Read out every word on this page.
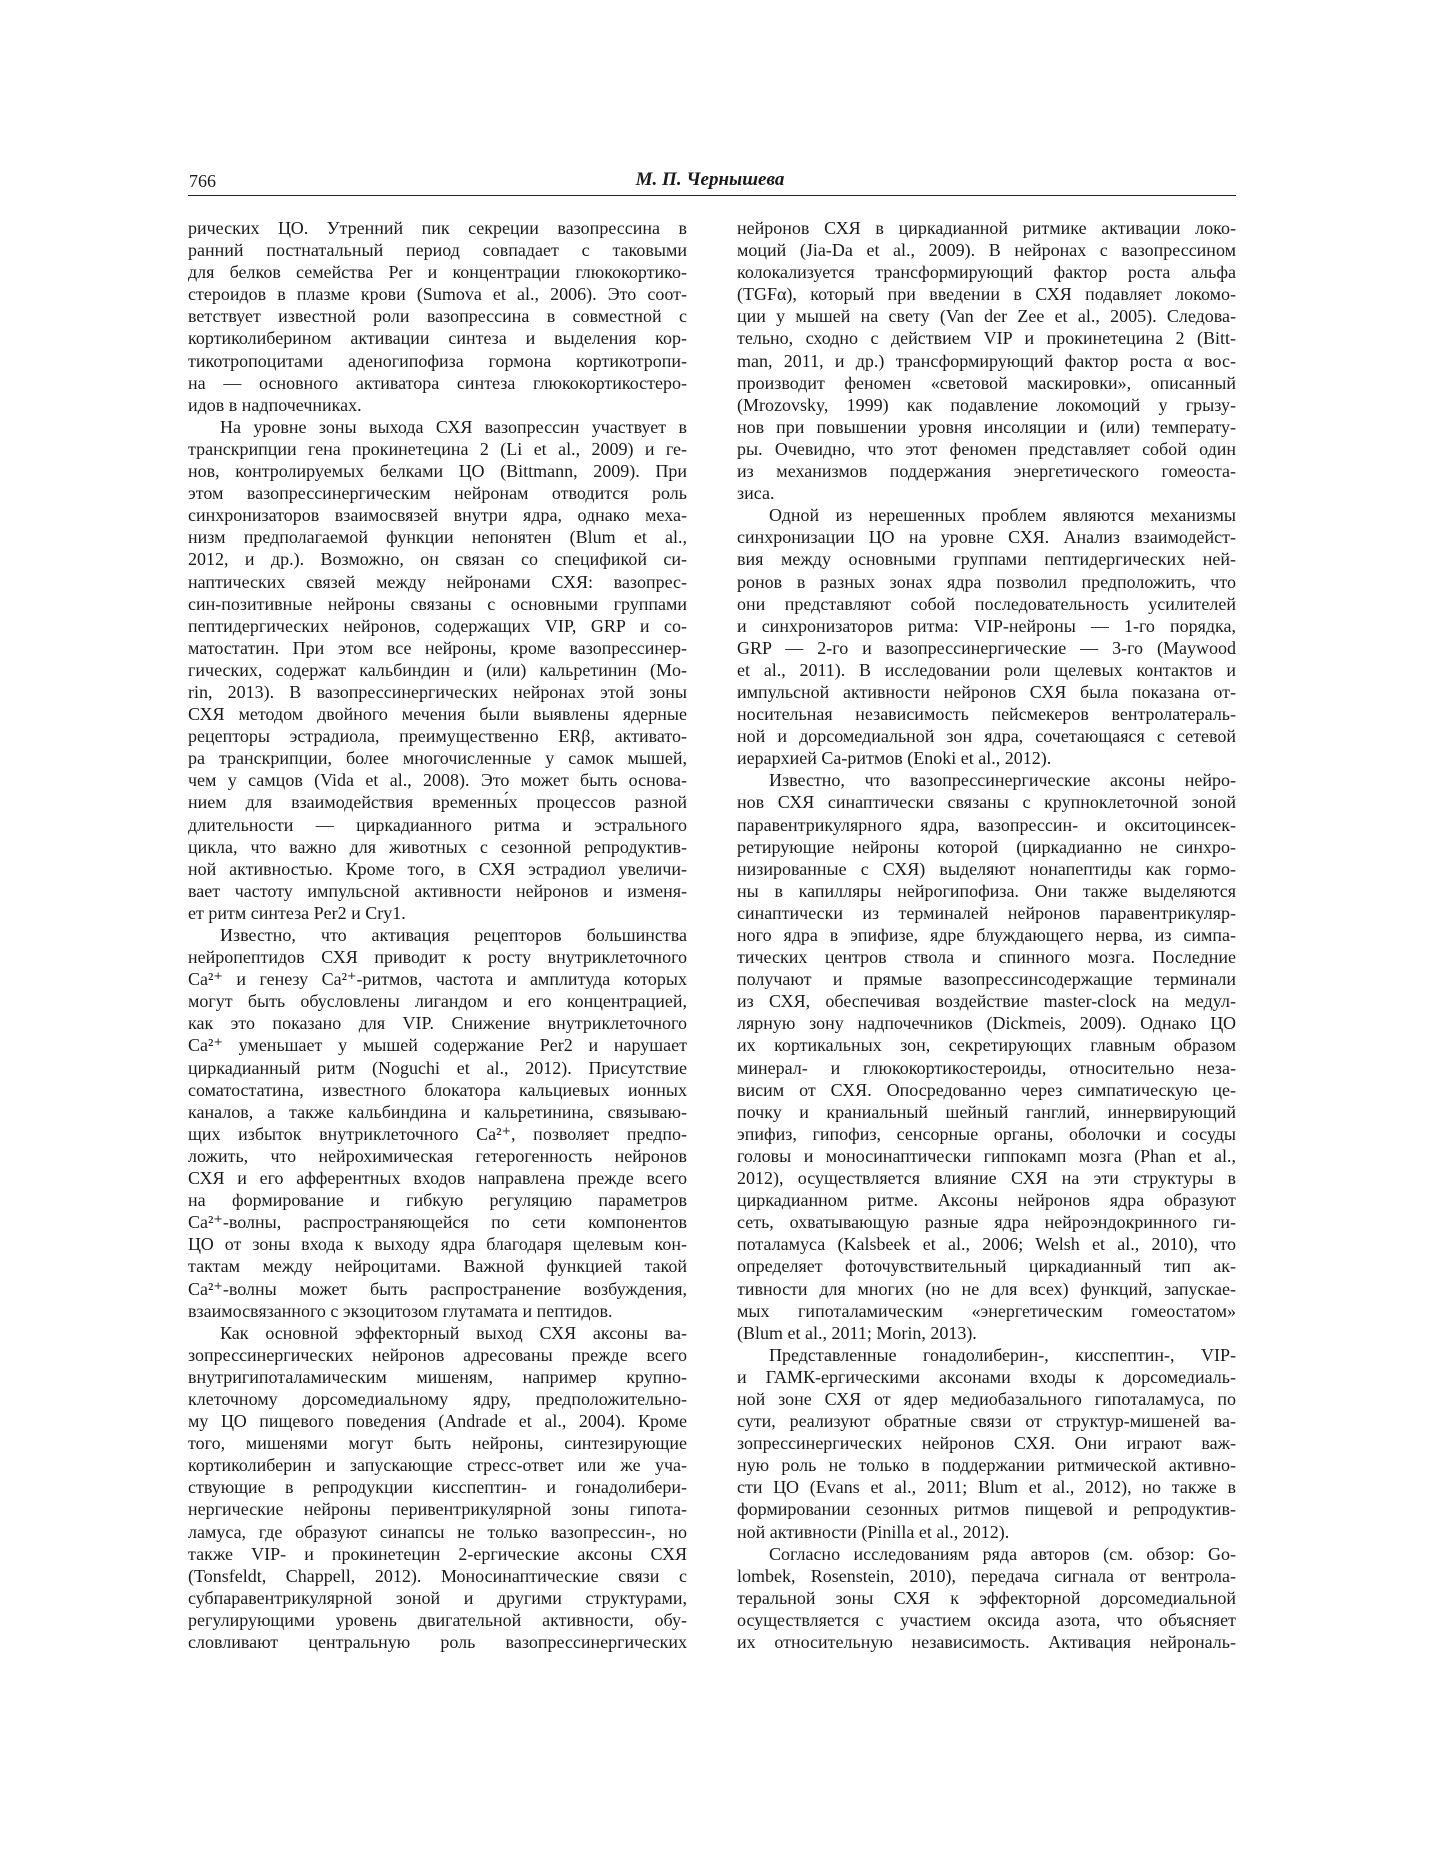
766	М. П. Чернышева
рических ЦО. Утренний пик секреции вазопрессина в
ранний постнатальный период совпадает с таковыми
для белков семейства Per и концентрации глюкокортико-
стероидов в плазме крови (Sumova et al., 2006). Это соот-
ветствует известной роли вазопрессина в совместной с
кортиколиберином активации синтеза и выделения кор-
тикотропоцитами аденогипофиза гормона кортикотропи-
на — основного активатора синтеза глюкокортикостеро-
идов в надпочечниках.
На уровне зоны выхода СХЯ вазопрессин участвует в
транскрипции гена прокинетецина 2 (Li et al., 2009) и ге-
нов, контролируемых белками ЦО (Bittmann, 2009). При
этом вазопрессинергическим нейронам отводится роль
синхронизаторов взаимосвязей внутри ядра, однако меха-
низм предполагаемой функции непонятен (Blum et al.,
2012, и др.). Возможно, он связан со спецификой си-
наптических связей между нейронами СХЯ: вазопрес-
син-позитивные нейроны связаны с основными группами
пептидергических нейронов, содержащих VIP, GRP и со-
матостатин. При этом все нейроны, кроме вазопрессинер-
гических, содержат кальбиндин и (или) кальретинин (Mo-
rin, 2013). В вазопрессинергических нейронах этой зоны
СХЯ методом двойного мечения были выявлены ядерные
рецепторы эстрадиола, преимущественно ERβ, активато-
ра транскрипции, более многочисленные у самок мышей,
чем у самцов (Vida et al., 2008). Это может быть основа-
нием для взаимодействия временны́х процессов разной
длительности — циркадианного ритма и эстрального
цикла, что важно для животных с сезонной репродуктив-
ной активностью. Кроме того, в СХЯ эстрадиол увеличи-
вает частоту импульсной активности нейронов и изменя-
ет ритм синтеза Per2 и Cry1.
Известно, что активация рецепторов большинства
нейропептидов СХЯ приводит к росту внутриклеточного
Ca²⁺ и генезу Ca²⁺-ритмов, частота и амплитуда которых
могут быть обусловлены лигандом и его концентрацией,
как это показано для VIP. Снижение внутриклеточного
Ca²⁺ уменьшает у мышей содержание Per2 и нарушает
циркадианный ритм (Noguchi et al., 2012). Присутствие
соматостатина, известного блокатора кальциевых ионных
каналов, а также кальбиндина и кальретинина, связываю-
щих избыток внутриклеточного Ca²⁺, позволяет предпо-
ложить, что нейрохимическая гетерогенность нейронов
СХЯ и его афферентных входов направлена прежде всего
на формирование и гибкую регуляцию параметров
Ca²⁺-волны, распространяющейся по сети компонентов
ЦО от зоны входа к выходу ядра благодаря щелевым кон-
тактам между нейроцитами. Важной функцией такой
Ca²⁺-волны может быть распространение возбуждения,
взаимосвязанного с экзоцитозом глутамата и пептидов.
Как основной эффекторный выход СХЯ аксоны ва-
зопрессинергических нейронов адресованы прежде всего
внутригипоталамическим мишеням, например крупно-
клеточному дорсомедиальному ядру, предположительно-
му ЦО пищевого поведения (Andrade et al., 2004). Кроме
того, мишенями могут быть нейроны, синтезирующие
кортиколиберин и запускающие стресс-ответ или же уча-
ствующие в репродукции кисспептин- и гонадолибери-
нергические нейроны перивентрикулярной зоны гипота-
ламуса, где образуют синапсы не только вазопрессин-, но
также VIP- и прокинетецин 2-ергические аксоны СХЯ
(Tonsfeldt, Chappell, 2012). Моносинаптические связи с
субпаравентрикулярной зоной и другими структурами,
регулирующими уровень двигательной активности, обу-
словливают центральную роль вазопрессинергических
нейронов СХЯ в циркадианной ритмике активации локо-
моций (Jia-Da et al., 2009). В нейронах с вазопрессином
колокализуется трансформирующий фактор роста альфа
(TGFα), который при введении в СХЯ подавляет локомо-
ции у мышей на свету (Van der Zee et al., 2005). Следова-
тельно, сходно с действием VIP и прокинетецина 2 (Bitt-
man, 2011, и др.) трансформирующий фактор роста α вос-
производит феномен «световой маскировки», описанный
(Mrozovsky, 1999) как подавление локомоций у грызу-
нов при повышении уровня инсоляции и (или) температу-
ры. Очевидно, что этот феномен представляет собой один
из механизмов поддержания энергетического гомеоста-
зиса.
Одной из нерешенных проблем являются механизмы
синхронизации ЦО на уровне СХЯ. Анализ взаимодейст-
вия между основными группами пептидергических ней-
ронов в разных зонах ядра позволил предположить, что
они представляют собой последовательность усилителей
и синхронизаторов ритма: VIP-нейроны — 1-го порядка,
GRP — 2-го и вазопрессинергические — 3-го (Maywood
et al., 2011). В исследовании роли щелевых контактов и
импульсной активности нейронов СХЯ была показана от-
носительная независимость пейсмекеров вентролатераль-
ной и дорсомедиальной зон ядра, сочетающаяся с сетевой
иерархией Ca-ритмов (Enoki et al., 2012).
Известно, что вазопрессинергические аксоны нейро-
нов СХЯ синаптически связаны с крупноклеточной зоной
паравентрикулярного ядра, вазопрессин- и окситоцинсек-
ретирующие нейроны которой (циркадианно не синхро-
низированные с СХЯ) выделяют нонапептиды как гормо-
ны в капилляры нейрогипофиза. Они также выделяются
синаптически из терминалей нейронов паравентрикуляр-
ного ядра в эпифизе, ядре блуждающего нерва, из симпа-
тических центров ствола и спинного мозга. Последние
получают и прямые вазопрессинсодержащие терминали
из СХЯ, обеспечивая воздействие master-clock на медул-
лярную зону надпочечников (Dickmeis, 2009). Однако ЦО
их кортикальных зон, секретирующих главным образом
минерал- и глюкокортикостероиды, относительно неза-
висим от СХЯ. Опосредованно через симпатическую це-
почку и краниальный шейный ганглий, иннервирующий
эпифиз, гипофиз, сенсорные органы, оболочки и сосуды
головы и моносинаптически гиппокамп мозга (Phan et al.,
2012), осуществляется влияние СХЯ на эти структуры в
циркадианном ритме. Аксоны нейронов ядра образуют
сеть, охватывающую разные ядра нейроэндокринного ги-
поталамуса (Kalsbeek et al., 2006; Welsh et al., 2010), что
определяет фоточувствительный циркадианный тип ак-
тивности для многих (но не для всех) функций, запускае-
мых гипоталамическим «энергетическим гомеостатом»
(Blum et al., 2011; Morin, 2013).
Представленные гонадолиберин-, кисспептин-, VIP-
и ГАМК-ергическими аксонами входы к дорсомедиаль-
ной зоне СХЯ от ядер медиобазального гипоталамуса, по
сути, реализуют обратные связи от структур-мишеней ва-
зопрессинергических нейронов СХЯ. Они играют важ-
ную роль не только в поддержании ритмической активно-
сти ЦО (Evans et al., 2011; Blum et al., 2012), но также в
формировании сезонных ритмов пищевой и репродуктив-
ной активности (Pinilla et al., 2012).
Согласно исследованиям ряда авторов (см. обзор: Go-
lombek, Rosenstein, 2010), передача сигнала от вентрола-
теральной зоны СХЯ к эффекторной дорсомедиальной
осуществляется с участием оксида азота, что объясняет
их относительную независимость. Активация нейрональ-
